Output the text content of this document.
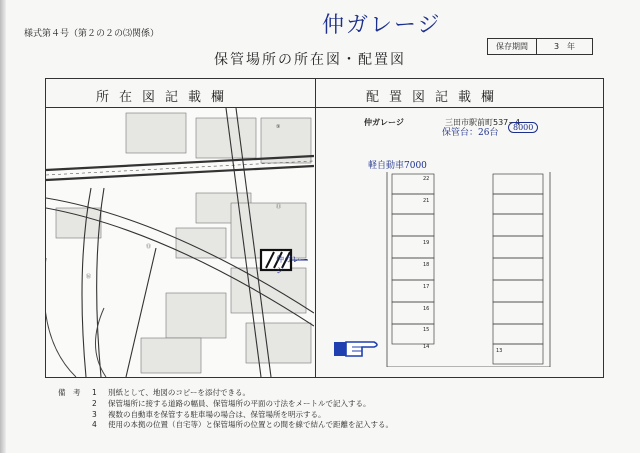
様式第４号（第２の２の⑶関係）	仲ガレージ
保管場所の所在図・配置図
保存期間	3　年
所在図記載欄	配置図記載欄
⑨
⑪
⑬
⑯
仲ガレージ
仲ガレージ	三田市駅前町537−4
保管台：26台
8000
軽自動車7000
22
21
19
18
17
16
15
14
13
備　考	1	別紙として、地図のコピーを添付できる。
2	保管場所に接する道路の幅員、保管場所の平面の寸法をメートルで記入する。
3	複数の自動車を保管する駐車場の場合は、保管場所を明示する。
4	使用の本拠の位置（自宅等）と保管場所の位置との間を線で結んで距離を記入する。
